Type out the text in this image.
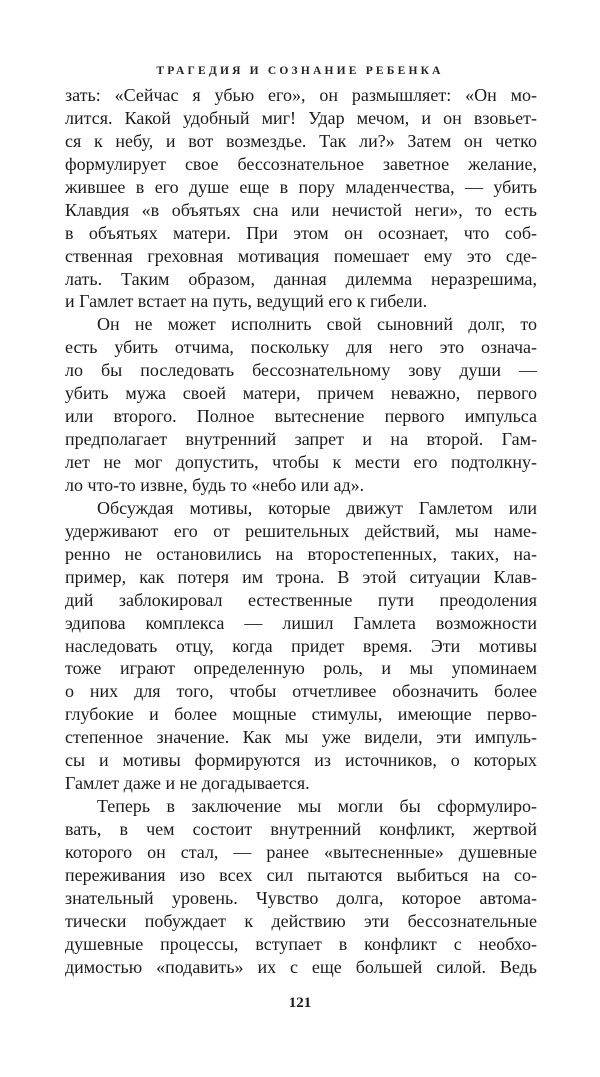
ТРАГЕДИЯ И СОЗНАНИЕ РЕБЕНКА
зать: «Сейчас я убью его», он размышляет: «Он мо-
лится. Какой удобный миг! Удар мечом, и он взовьет-
ся к небу, и вот возмездье. Так ли?» Затем он четко
формулирует свое бессознательное заветное желание,
жившее в его душе еще в пору младенчества, — убить
Клавдия «в объятьях сна или нечистой неги», то есть
в объятьях матери. При этом он осознает, что соб-
ственная греховная мотивация помешает ему это сде-
лать. Таким образом, данная дилемма неразрешима,
и Гамлет встает на путь, ведущий его к гибели.
Он не может исполнить свой сыновний долг, то
есть убить отчима, поскольку для него это означа-
ло бы последовать бессознательному зову души —
убить мужа своей матери, причем неважно, первого
или второго. Полное вытеснение первого импульса
предполагает внутренний запрет и на второй. Гам-
лет не мог допустить, чтобы к мести его подтолкну-
ло что-то извне, будь то «небо или ад».
Обсуждая мотивы, которые движут Гамлетом или
удерживают его от решительных действий, мы наме-
ренно не остановились на второстепенных, таких, на-
пример, как потеря им трона. В этой ситуации Клав-
дий заблокировал естественные пути преодоления
эдипова комплекса — лишил Гамлета возможности
наследовать отцу, когда придет время. Эти мотивы
тоже играют определенную роль, и мы упоминаем
о них для того, чтобы отчетливее обозначить более
глубокие и более мощные стимулы, имеющие перво-
степенное значение. Как мы уже видели, эти импуль-
сы и мотивы формируются из источников, о которых
Гамлет даже и не догадывается.
Теперь в заключение мы могли бы сформулиро-
вать, в чем состоит внутренний конфликт, жертвой
которого он стал, — ранее «вытесненные» душевные
переживания изо всех сил пытаются выбиться на со-
знательный уровень. Чувство долга, которое автома-
тически побуждает к действию эти бессознательные
душевные процессы, вступает в конфликт с необхо-
димостью «подавить» их с еще большей силой. Ведь
121
